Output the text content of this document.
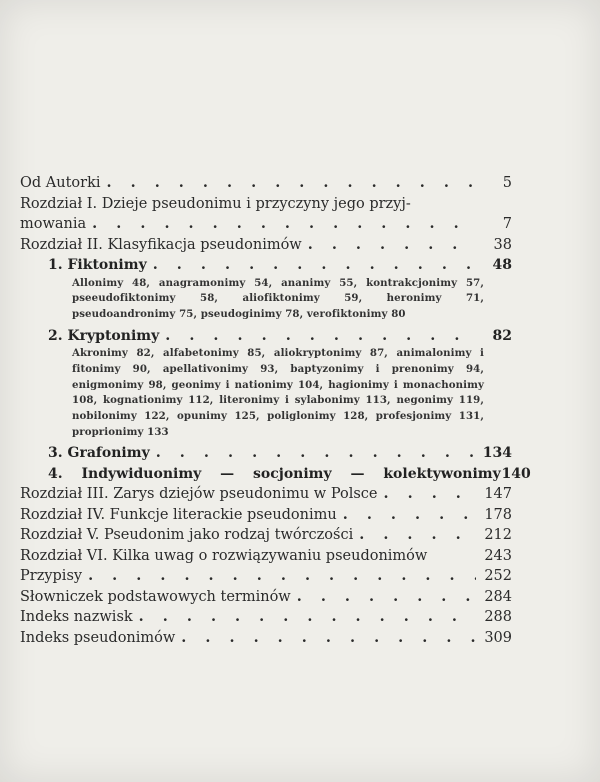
Od Autorki . . .	5
Rozdział I. Dzieje pseudonimu i przyczyny jego przyj-
mowania . . .	7
Rozdział II. Klasyfikacja pseudonimów . . .	38
1. Fiktonimy . . .	48
Allonimy 48, anagramonimy 54, ananimy 55, kontrakcjonimy 57, pseeudofiktonimy 58, aliofiktonimy 59, heronimy 71, pseudoandronimy 75, pseudoginimy 78, verofiktonimy 80
2. Kryptonimy . . .	82
Akronimy 82, alfabetonimy 85, aliokryptonimy 87, animalonimy i fitonimy 90, apellativonimy 93, baptyzonimy i prenonimy 94, enigmonimy 98, geonimy i nationimy 104, hagionimy i monachonimy 108, kognationimy 112, literonimy i sylabonimy 113, negonimy 119, nobilonimy 122, opunimy 125, poliglonimy 128, profesjonimy 131, proprionimy 133
3. Grafonimy . . .	134
4. Indywiduonimy — socjonimy — kolektywonimy 140
Rozdział III. Zarys dziejów pseudonimu w Polsce . . .	147
Rozdział IV. Funkcje literackie pseudonimu . . .	178
Rozdział V. Pseudonim jako rodzaj twórczości . . .	212
Rozdział VI. Kilka uwag o rozwiązywaniu pseudonimów	243
Przypisy . . .	252
Słowniczek podstawowych terminów . . .	284
Indeks nazwisk . . .	288
Indeks pseudonimów . . .	309
